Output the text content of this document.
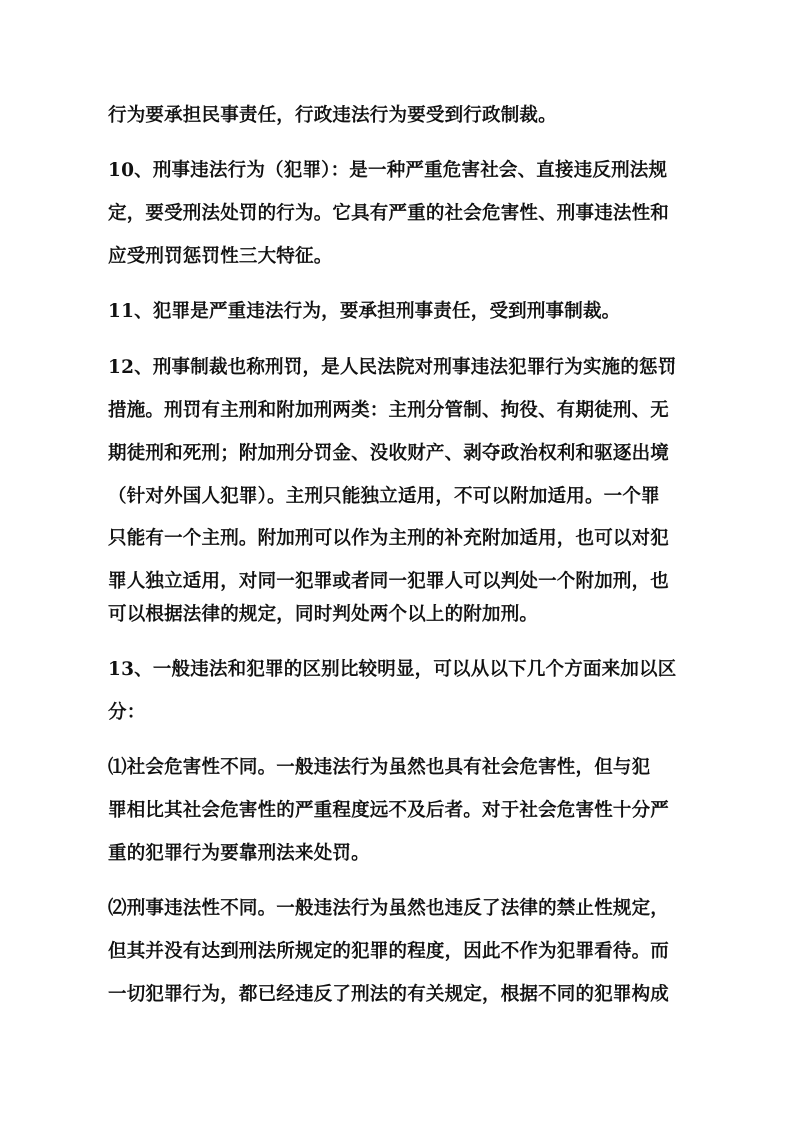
行为要承担民事责任，行政违法行为要受到行政制裁。
10、刑事违法行为（犯罪）：是一种严重危害社会、直接违反刑法规
定，要受刑法处罚的行为。它具有严重的社会危害性、刑事违法性和
应受刑罚惩罚性三大特征。
11、犯罪是严重违法行为，要承担刑事责任，受到刑事制裁。
12、刑事制裁也称刑罚，是人民法院对刑事违法犯罪行为实施的惩罚
措施。刑罚有主刑和附加刑两类：主刑分管制、拘役、有期徒刑、无
期徒刑和死刑；附加刑分罚金、没收财产、剥夺政治权利和驱逐出境
（针对外国人犯罪）。主刑只能独立适用，不可以附加适用。一个罪
只能有一个主刑。附加刑可以作为主刑的补充附加适用，也可以对犯
罪人独立适用，对同一犯罪或者同一犯罪人可以判处一个附加刑，也
可以根据法律的规定，同时判处两个以上的附加刑。
13、一般违法和犯罪的区别比较明显，可以从以下几个方面来加以区
分：
⑴社会危害性不同。一般违法行为虽然也具有社会危害性，但与犯
罪相比其社会危害性的严重程度远不及后者。对于社会危害性十分严
重的犯罪行为要靠刑法来处罚。
⑵刑事违法性不同。一般违法行为虽然也违反了法律的禁止性规定，
但其并没有达到刑法所规定的犯罪的程度，因此不作为犯罪看待。而
一切犯罪行为，都已经违反了刑法的有关规定，根据不同的犯罪构成
